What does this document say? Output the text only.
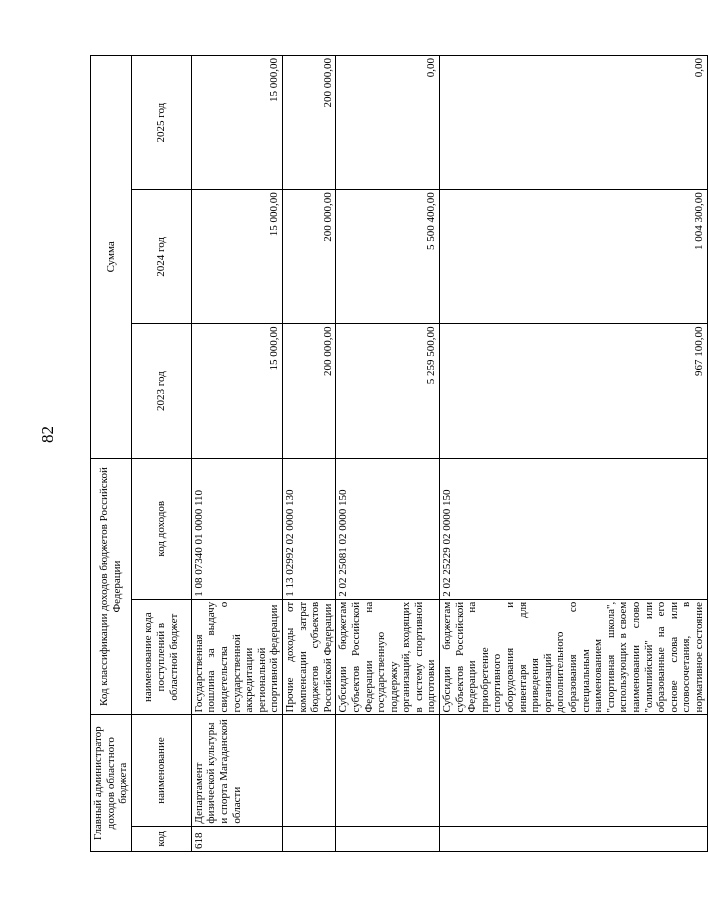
82
Главный администратор доходов областного бюджета		Код классификации доходов бюджетов Российской Федерации		Сумма		
код	наименование	наименование кода поступлений в областной бюджет	код доходов	2023 год	2024 год	2025 год
618	Департамент физической культуры и спорта Магаданской области	Государственная пошлина за выдачу свидетельства о государственной аккредитации региональной спортивной федерации	1 08 07340 01 0000 110	15 000,00	15 000,00	15 000,00
		Прочие доходы от компенсации затрат бюджетов субъектов Российской Федерации	1 13 02992 02 0000 130	200 000,00	200 000,00	200 000,00
		Субсидии бюджетам субъектов Российской Федерации на государственную поддержку организаций, входящих в систему спортивной подготовки	2 02 25081 02 0000 150	5 259 500,00	5 500 400,00	0,00
		Субсидии бюджетам субъектов Российской Федерации на приобретение спортивного оборудования и инвентаря для приведения организаций дополнительного образования со специальным наименованием "спортивная школа", использующих в своем наименовании слово "олимпийский" или образованные на его основе слова или словосочетания, в нормативное состояние	2 02 25229 02 0000 150	967 100,00	1 004 300,00	0,00
